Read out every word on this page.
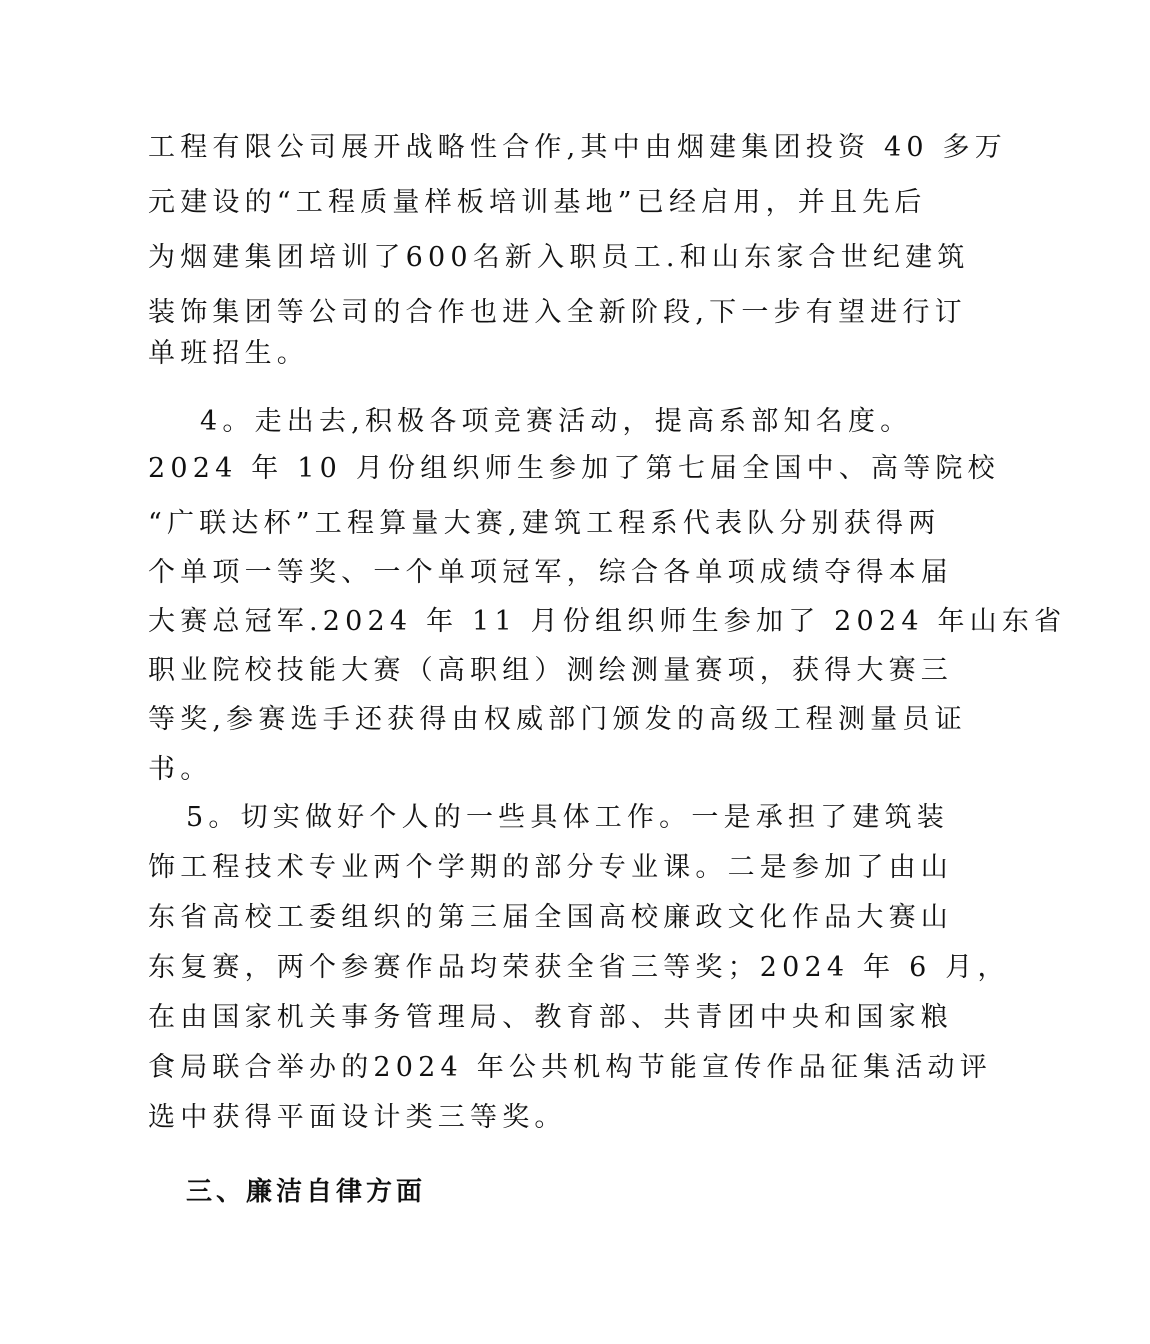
工程有限公司展开战略性合作,其中由烟建集团投资 40 多万
元建设的“工程质量样板培训基地”已经启用，并且先后
为烟建集团培训了600名新入职员工.和山东家合世纪建筑
装饰集团等公司的合作也进入全新阶段,下一步有望进行订
单班招生。
4。走出去,积极各项竞赛活动，提高系部知名度。
2024 年 10 月份组织师生参加了第七届全国中、高等院校
“广联达杯”工程算量大赛,建筑工程系代表队分别获得两
个单项一等奖、一个单项冠军，综合各单项成绩夺得本届
大赛总冠军.2024 年 11 月份组织师生参加了 2024 年山东省
职业院校技能大赛（高职组）测绘测量赛项，获得大赛三
等奖,参赛选手还获得由权威部门颁发的高级工程测量员证
书。
5。切实做好个人的一些具体工作。一是承担了建筑装
饰工程技术专业两个学期的部分专业课。二是参加了由山
东省高校工委组织的第三届全国高校廉政文化作品大赛山
东复赛，两个参赛作品均荣获全省三等奖；2024 年 6 月，
在由国家机关事务管理局、教育部、共青团中央和国家粮
食局联合举办的2024 年公共机构节能宣传作品征集活动评
选中获得平面设计类三等奖。
三、廉洁自律方面
